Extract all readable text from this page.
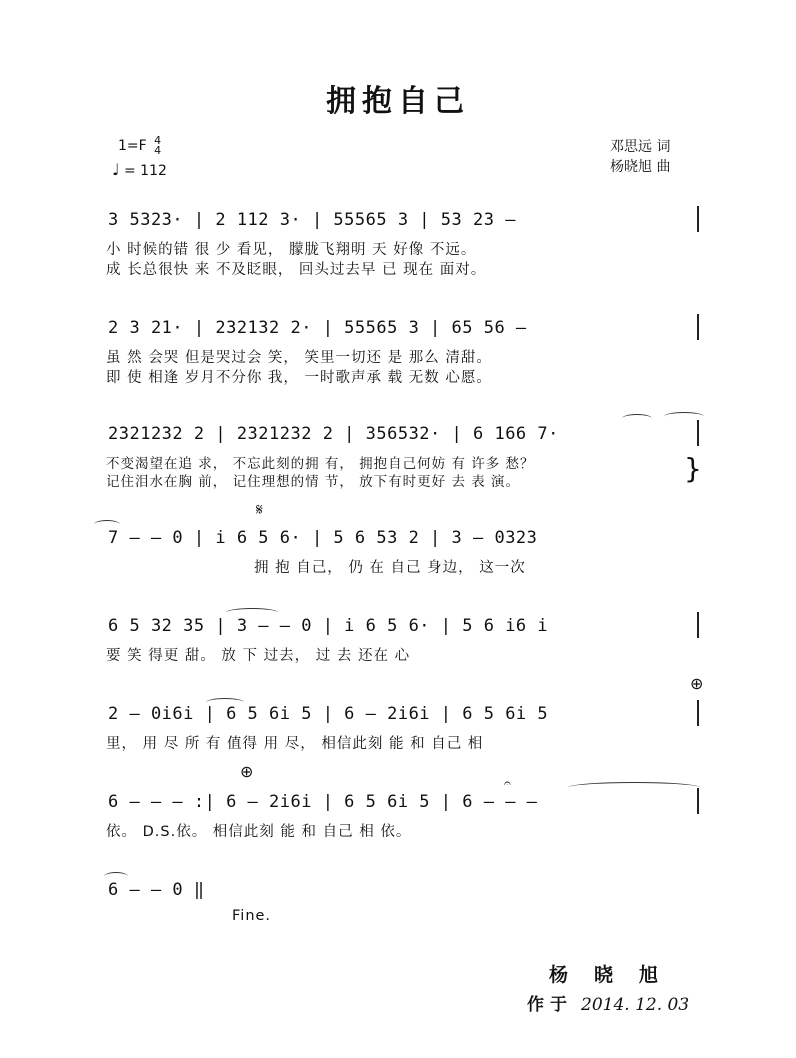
拥抱自己
1=F 4
4
♩ = 112
邓思远 词
杨晓旭 曲
3 5323· | 2 112 3· | 55565 3 | 53 23 —
小 时候的错 很 少 看见， 朦胧飞翔明 天 好像 不远。
成 长总很快 来 不及眨眼， 回头过去早 已 现在 面对。
2 3 21· | 232132 2· | 55565 3 | 65 56 —
虽 然 会哭 但是哭过会 笑， 笑里一切还 是 那么 清甜。
即 使 相逢 岁月不分你 我， 一时歌声承 载 无数 心愿。
2321232 2 | 2321232 2 | 356532· | 6 166 7·
不变渴望在追 求， 不忘此刻的拥 有， 拥抱自己何妨 有 许多 愁？
记住泪水在胸 前， 记住理想的情 节， 放下有时更好 去 表 演。	}
𝄋
7 — — 0 | i 6 5 6· | 5 6 53 2 | 3 — 0323
拥 抱 自己， 仍 在 自己 身边， 这一次
6 5 32 35 | 3 — — 0 | i 6 5 6· | 5 6 i6 i
要 笑 得更 甜。 放 下 过去， 过 去 还在 心
⊕
2 — 0i6i | 6 5 6i 5 | 6 — 2i6i | 6 5 6i 5
里， 用 尽 所 有 值得 用 尽， 相信此刻 能 和 自己 相
⊕
𝄐
6 — — — :| 6 — 2i6i | 6 5 6i 5 | 6 — — —
依。 D.S.依。 相信此刻 能 和 自己 相 依。
6 — — 0 ‖
Fine.
杨晓旭
作于 2014. 12. 03
